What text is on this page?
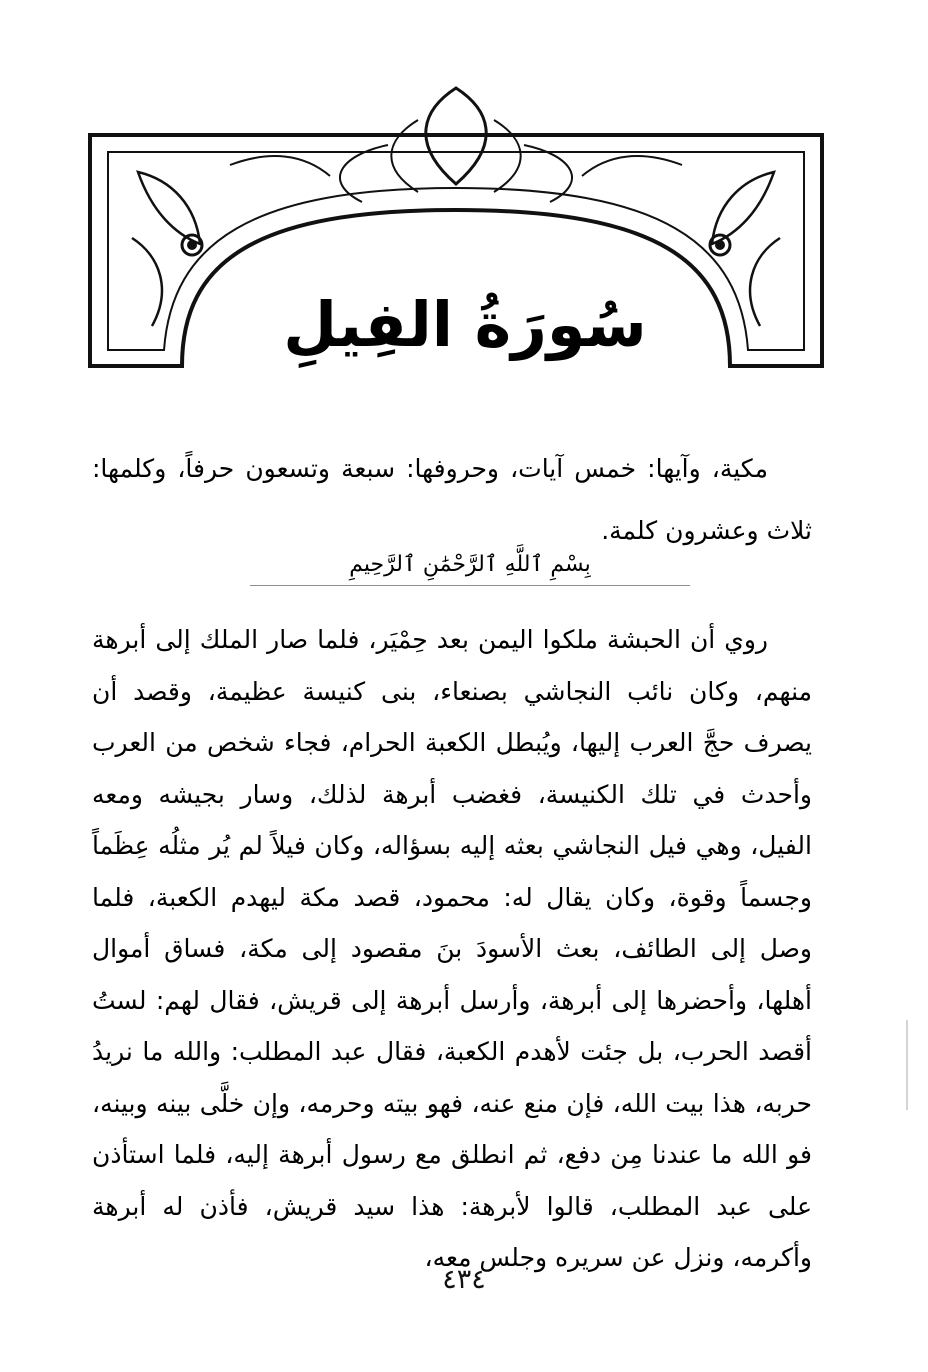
سُورَةُ الفِيلِ

مكية، وآيها: خمس آيات، وحروفها: سبعة وتسعون حرفاً، وكلمها: ثلاث وعشرون كلمة.

بِسْمِ ٱللَّهِ ٱلرَّحْمَٰنِ ٱلرَّحِيمِ

روي أن الحبشة ملكوا اليمن بعد حِمْيَر، فلما صار الملك إلى أبرهة منهم، وكان نائب النجاشي بصنعاء، بنى كنيسة عظيمة، وقصد أن يصرف حجَّ العرب إليها، ويُبطل الكعبة الحرام، فجاء شخص من العرب وأحدث في تلك الكنيسة، فغضب أبرهة لذلك، وسار بجيشه ومعه الفيل، وهي فيل النجاشي بعثه إليه بسؤاله، وكان فيلاً لم يُر مثلُه عِظَماً وجسماً وقوة، وكان يقال له: محمود، قصد مكة ليهدم الكعبة، فلما وصل إلى الطائف، بعث الأسودَ بنَ مقصود إلى مكة، فساق أموال أهلها، وأحضرها إلى أبرهة، وأرسل أبرهة إلى قريش، فقال لهم: لستُ أقصد الحرب، بل جئت لأهدم الكعبة، فقال عبد المطلب: والله ما نريدُ حربه، هذا بيت الله، فإن منع عنه، فهو بيته وحرمه، وإن خلَّى بينه وبينه، فو الله ما عندنا مِن دفع، ثم انطلق مع رسول أبرهة إليه، فلما استأذن على عبد المطلب، قالوا لأبرهة: هذا سيد قريش، فأذن له أبرهة وأكرمه، ونزل عن سريره وجلس معه،

٤٣٤
